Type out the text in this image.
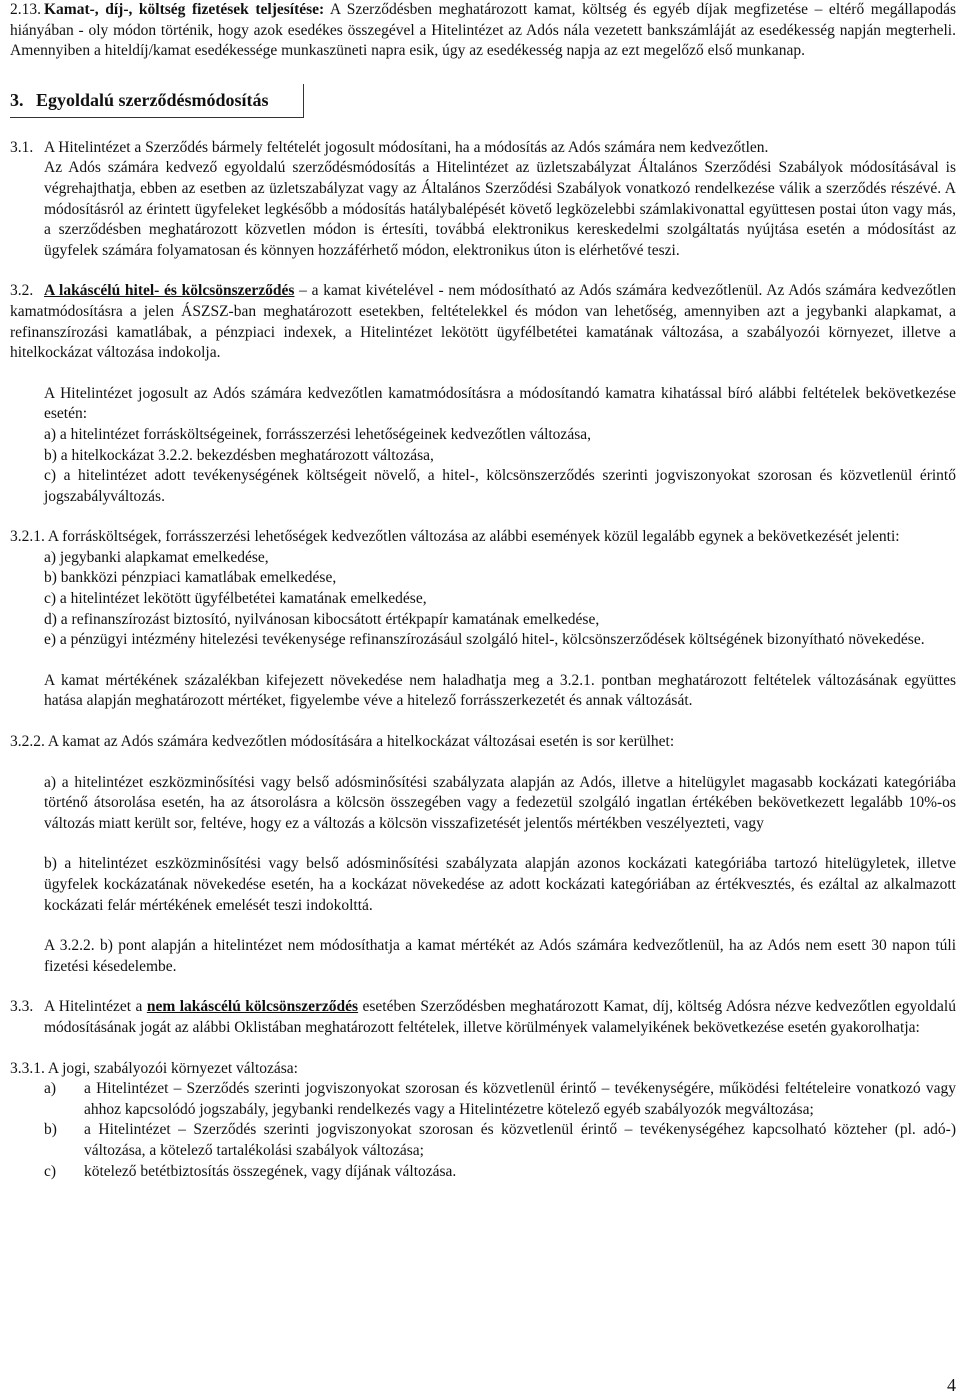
2.13. Kamat-, díj-, költség fizetések teljesítése: A Szerződésben meghatározott kamat, költség és egyéb díjak megfizetése – eltérő megállapodás hiányában - oly módon történik, hogy azok esedékes összegével a Hitelintézet az Adós nála vezetett bankszámláját az esedékesség napján megterheli. Amennyiben a hiteldíj/kamat esedékessége munkaszüneti napra esik, úgy az esedékesség napja az ezt megelőző első munkanap.

3. Egyoldalú szerződésmódosítás

3.1. A Hitelintézet a Szerződés bármely feltételét jogosult módosítani, ha a módosítás az Adós számára nem kedvezőtlen.

Az Adós számára kedvező egyoldalú szerződésmódosítás a Hitelintézet az üzletszabályzat Általános Szerződési Szabályok módosításával is végrehajthatja, ebben az esetben az üzletszabályzat vagy az Általános Szerződési Szabályok vonatkozó rendelkezése válik a szerződés részévé. A módosításról az érintett ügyfeleket legkésőbb a módosítás hatálybalépését követő legközelebbi számlakivonattal együttesen postai úton vagy más, a szerződésben meghatározott közvetlen módon is értesíti, továbbá elektronikus kereskedelmi szolgáltatás nyújtása esetén a módosítást az ügyfelek számára folyamatosan és könnyen hozzáférhető módon, elektronikus úton is elérhetővé teszi.

3.2. A lakáscélú hitel- és kölcsönszerződés – a kamat kivételével - nem módosítható az Adós számára kedvezőtlenül. Az Adós számára kedvezőtlen kamatmódosításra a jelen ÁSZSZ-ban meghatározott esetekben, feltételekkel és módon van lehetőség, amennyiben azt a jegybanki alapkamat, a refinanszírozási kamatlábak, a pénzpiaci indexek, a Hitelintézet lekötött ügyfélbetétei kamatának változása, a szabályozói környezet, illetve a hitelkockázat változása indokolja.

A Hitelintézet jogosult az Adós számára kedvezőtlen kamatmódosításra a módosítandó kamatra kihatással bíró alábbi feltételek bekövetkezése esetén:

a) a hitelintézet forrásköltségeinek, forrásszerzési lehetőségeinek kedvezőtlen változása,

b) a hitelkockázat 3.2.2. bekezdésben meghatározott változása,

c) a hitelintézet adott tevékenységének költségeit növelő, a hitel-, kölcsönszerződés szerinti jogviszonyokat szorosan és közvetlenül érintő jogszabályváltozás.

3.2.1. A forrásköltségek, forrásszerzési lehetőségek kedvezőtlen változása az alábbi események közül legalább egynek a bekövetkezését jelenti:

a) jegybanki alapkamat emelkedése,

b) bankközi pénzpiaci kamatlábak emelkedése,

c) a hitelintézet lekötött ügyfélbetétei kamatának emelkedése,

d) a refinanszírozást biztosító, nyilvánosan kibocsátott értékpapír kamatának emelkedése,

e) a pénzügyi intézmény hitelezési tevékenysége refinanszírozásául szolgáló hitel-, kölcsönszerződések költségének bizonyítható növekedése.

A kamat mértékének százalékban kifejezett növekedése nem haladhatja meg a 3.2.1. pontban meghatározott feltételek változásának együttes hatása alapján meghatározott mértéket, figyelembe véve a hitelező forrásszerkezetét és annak változását.

3.2.2. A kamat az Adós számára kedvezőtlen módosítására a hitelkockázat változásai esetén is sor kerülhet:

a) a hitelintézet eszközminősítési vagy belső adósminősítési szabályzata alapján az Adós, illetve a hitelügylet magasabb kockázati kategóriába történő átsorolása esetén, ha az átsorolásra a kölcsön összegében vagy a fedezetül szolgáló ingatlan értékében bekövetkezett legalább 10%-os változás miatt került sor, feltéve, hogy ez a változás a kölcsön visszafizetését jelentős mértékben veszélyezteti, vagy

b) a hitelintézet eszközminősítési vagy belső adósminősítési szabályzata alapján azonos kockázati kategóriába tartozó hitelügyletek, illetve ügyfelek kockázatának növekedése esetén, ha a kockázat növekedése az adott kockázati kategóriában az értékvesztés, és ezáltal az alkalmazott kockázati felár mértékének emelését teszi indokolttá.

A 3.2.2. b) pont alapján a hitelintézet nem módosíthatja a kamat mértékét az Adós számára kedvezőtlenül, ha az Adós nem esett 30 napon túli fizetési késedelembe.

3.3. A Hitelintézet a nem lakáscélú kölcsönszerződés esetében Szerződésben meghatározott Kamat, díj, költség Adósra nézve kedvezőtlen egyoldalú módosításának jogát az alábbi Oklistában meghatározott feltételek, illetve körülmények valamelyikének bekövetkezése esetén gyakorolhatja:

3.3.1. A jogi, szabályozói környezet változása:

a)	a Hitelintézet – Szerződés szerinti jogviszonyokat szorosan és közvetlenül érintő – tevékenységére, működési feltételeire vonatkozó vagy ahhoz kapcsolódó jogszabály, jegybanki rendelkezés vagy a Hitelintézetre kötelező egyéb szabályozók megváltozása;
b)	a Hitelintézet – Szerződés szerinti jogviszonyokat szorosan és közvetlenül érintő – tevékenységéhez kapcsolható közteher (pl. adó-) változása, a kötelező tartalékolási szabályok változása;
c)	kötelező betétbiztosítás összegének, vagy díjának változása.
4
